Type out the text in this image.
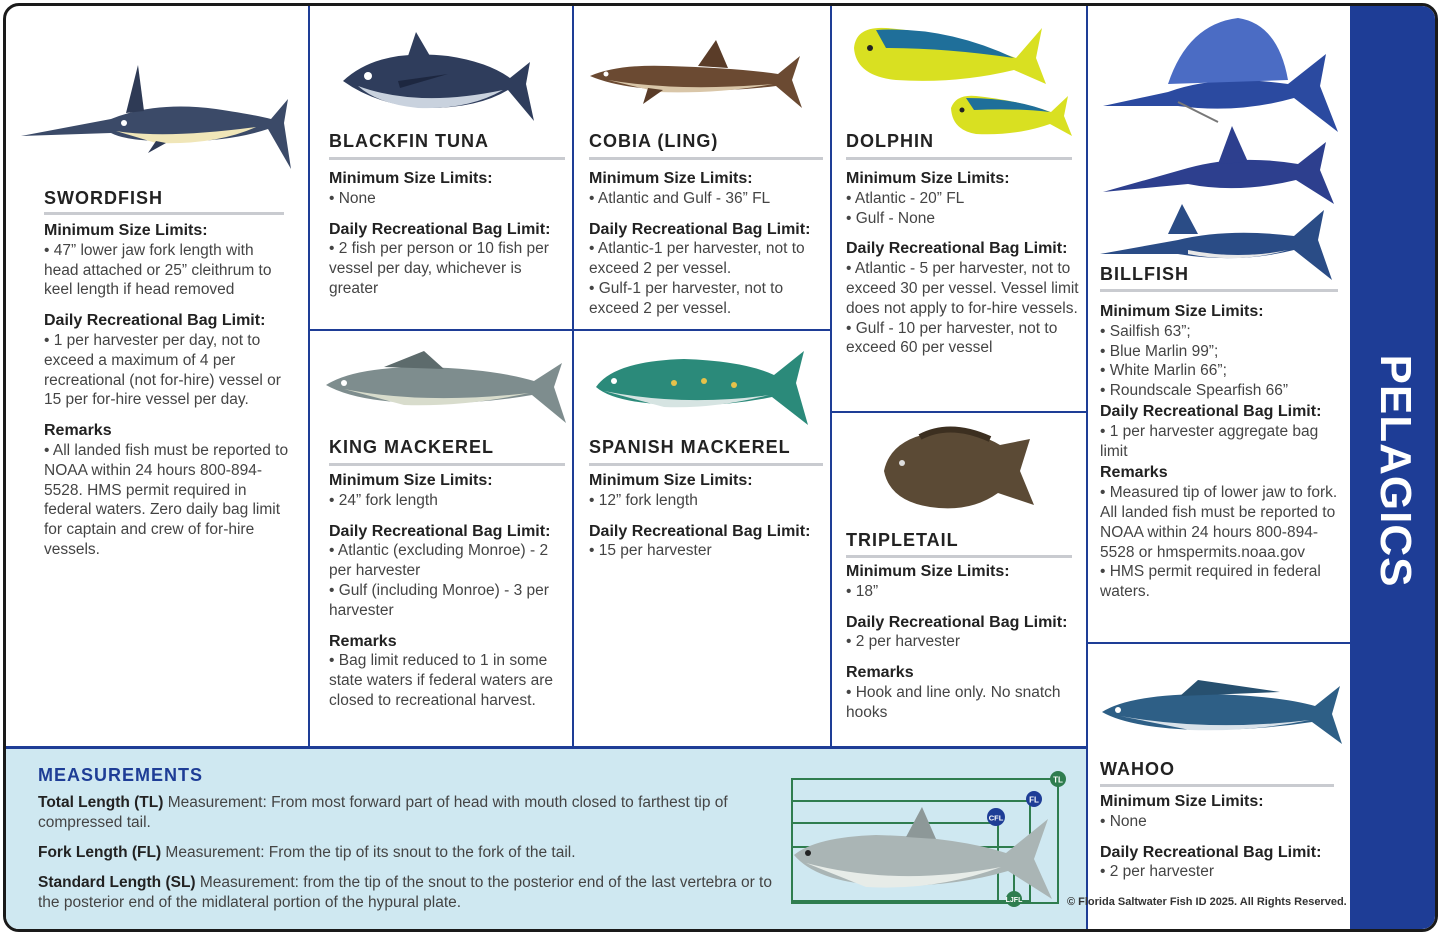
SWORDFISH
Minimum Size Limits:
• 47” lower jaw fork length with head attached or 25” cleithrum to keel length if head removed
Daily Recreational Bag Limit:
• 1 per harvester per day, not to exceed a maximum of 4 per recreational (not for-hire) vessel or 15 per for-hire vessel per day.
Remarks
• All landed fish must be reported to NOAA within 24 hours 800-894-5528. HMS permit required in federal waters. Zero daily bag limit for captain and crew of for-hire vessels.
BLACKFIN TUNA
Minimum Size Limits:
• None
Daily Recreational Bag Limit:
• 2 fish per person or 10 fish per vessel per day, whichever is greater
COBIA (LING)
Minimum Size Limits:
• Atlantic and Gulf - 36” FL
Daily Recreational Bag Limit:
• Atlantic-1 per harvester, not to exceed 2 per vessel.
• Gulf-1 per harvester, not to exceed 2 per vessel.
DOLPHIN
Minimum Size Limits:
• Atlantic - 20” FL
• Gulf - None
Daily Recreational Bag Limit:
• Atlantic - 5 per harvester, not to exceed 30 per vessel. Vessel limit does not apply to for-hire vessels.
• Gulf - 10 per harvester, not to exceed 60 per vessel
BILLFISH
Minimum Size Limits:
• Sailfish 63”;
• Blue Marlin 99”;
• White Marlin 66”;
• Roundscale Spearfish 66”
Daily Recreational Bag Limit:
• 1 per harvester aggregate bag limit
Remarks
• Measured tip of lower jaw to fork. All landed fish must be reported to NOAA within 24 hours 800-894-5528 or hmspermits.noaa.gov
• HMS permit required in federal waters.
KING MACKEREL
Minimum Size Limits:
• 24” fork length
Daily Recreational Bag Limit:
• Atlantic (excluding Monroe) - 2 per harvester
• Gulf (including Monroe) - 3 per harvester
Remarks
• Bag limit reduced to 1 in some state waters if federal waters are closed to recreational harvest.
SPANISH MACKEREL
Minimum Size Limits:
• 12” fork length
Daily Recreational Bag Limit:
• 15 per harvester
TRIPLETAIL
Minimum Size Limits:
• 18”
Daily Recreational Bag Limit:
• 2 per harvester
Remarks
• Hook and line only. No snatch hooks
WAHOO
Minimum Size Limits:
• None
Daily Recreational Bag Limit:
• 2 per harvester
MEASUREMENTS
Total Length (TL) Measurement: From most forward part of head with mouth closed to farthest tip of compressed tail.
Fork Length (FL) Measurement: From the tip of its snout to the fork of the tail.
Standard Length (SL) Measurement: from the tip of the snout to the posterior end of the last vertebra or to the posterior end of the midlateral portion of the hypural plate.
TL
FL
CFL
LJFL	© Florida Saltwater Fish ID 2025. All Rights Reserved.
PELAGICS
